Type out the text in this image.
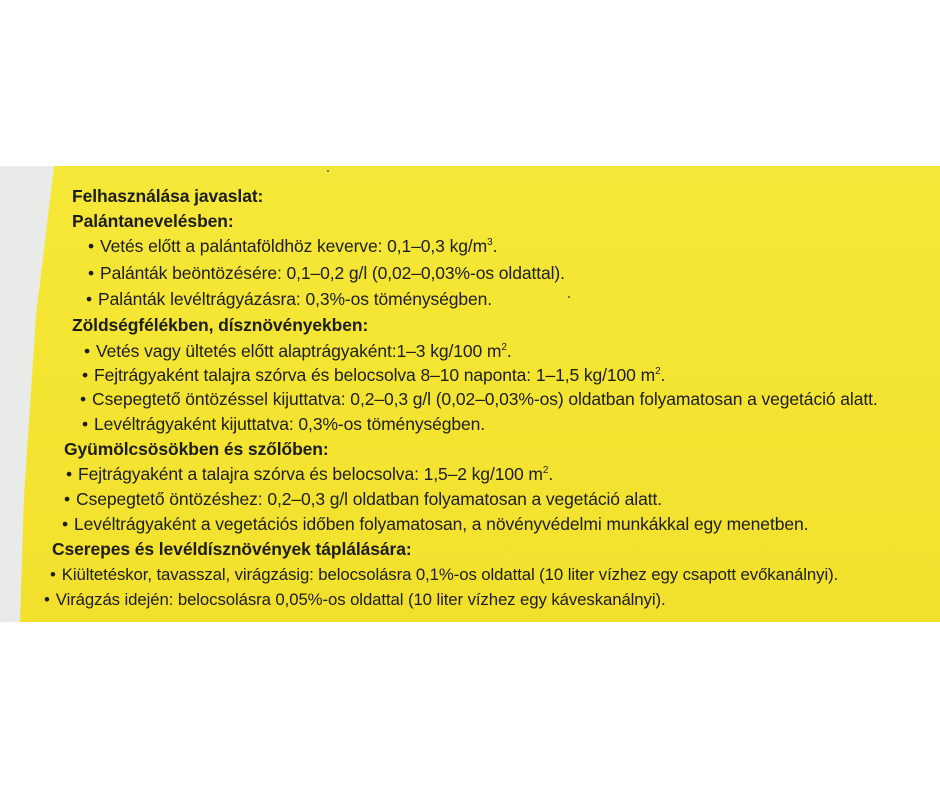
Felhasználása javaslat:
Palántanevelésben:
• Vetés előtt a palántaföldhöz keverve: 0,1–0,3 $kg/m^3$.
• Palánták beöntözésére: 0,1–0,2 g/l (0,02–0,03%-os oldattal).
• Palánták levéltrágyázásra: 0,3%-os töménységben.
Zöldségfélékben, dísznövényekben:
• Vetés vagy ültetés előtt alaptrágyaként:1–3 kg/100 $m^2$.
• Fejtrágyaként talajra szórva és belocsolva 8–10 naponta: 1–1,5 kg/100 $m^2$.
• Csepegtető öntözéssel kijuttatva: 0,2–0,3 g/l (0,02–0,03%-os) oldatban folyamatosan a vegetáció alatt.
• Levéltrágyaként kijuttatva: 0,3%-os töménységben.
Gyümölcsösökben és szőlőben:
• Fejtrágyaként a talajra szórva és belocsolva: 1,5–2 kg/100 $m^2$.
• Csepegtető öntözéshez: 0,2–0,3 g/l oldatban folyamatosan a vegetáció alatt.
• Levéltrágyaként a vegetációs időben folyamatosan, a növényvédelmi munkákkal egy menetben.
Cserepes és levéldísznövények táplálására:
• Kiültetéskor, tavasszal, virágzásig: belocsolásra 0,1%-os oldattal (10 liter vízhez egy csapott evőkanálnyi).
• Virágzás idején: belocsolásra 0,05%-os oldattal (10 liter vízhez egy káveskanálnyi).
